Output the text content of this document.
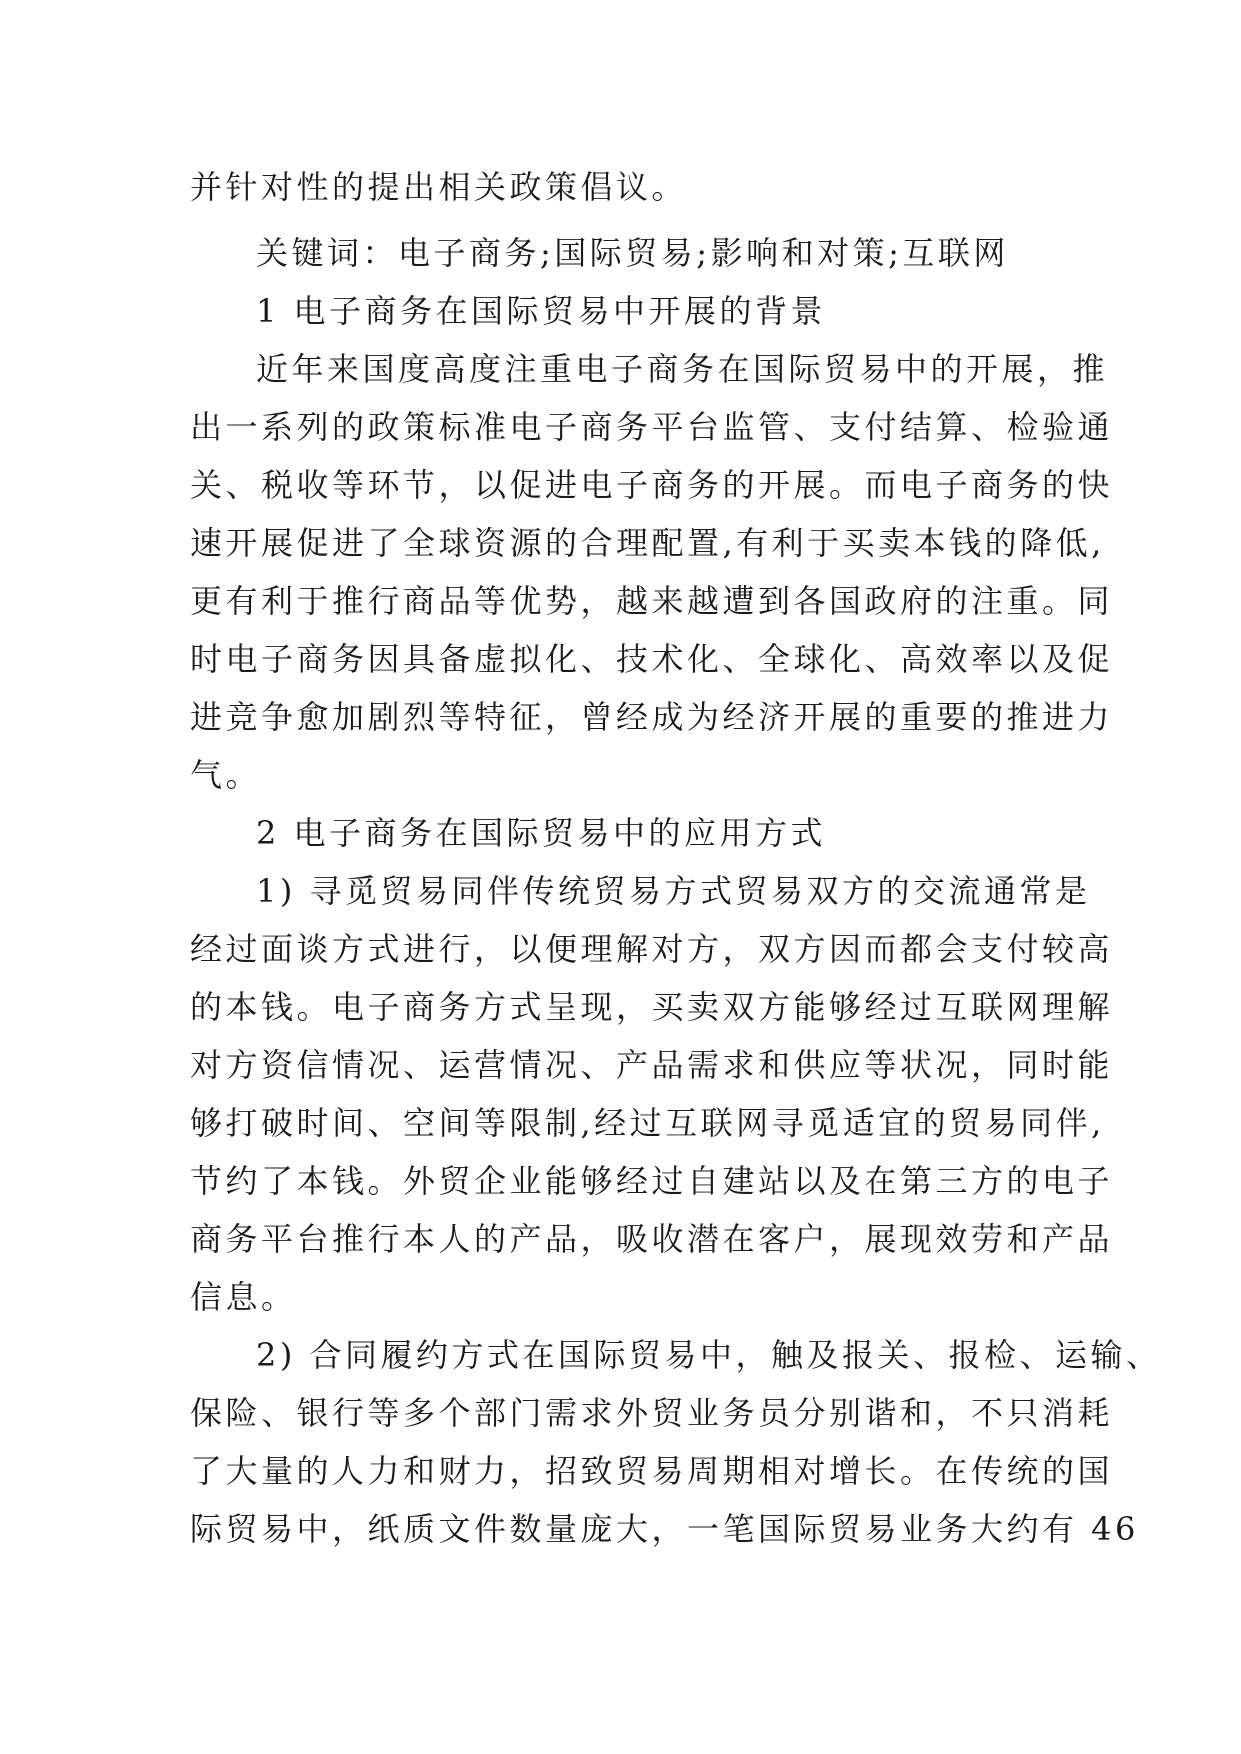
并针对性的提出相关政策倡议。

关键词：电子商务;国际贸易;影响和对策;互联网

1 电子商务在国际贸易中开展的背景

近年来国度高度注重电子商务在国际贸易中的开展，推
出一系列的政策标准电子商务平台监管、支付结算、检验通
关、税收等环节，以促进电子商务的开展。而电子商务的快
速开展促进了全球资源的合理配置,有利于买卖本钱的降低,
更有利于推行商品等优势，越来越遭到各国政府的注重。同
时电子商务因具备虚拟化、技术化、全球化、高效率以及促
进竞争愈加剧烈等特征，曾经成为经济开展的重要的推进力
气。

2 电子商务在国际贸易中的应用方式

1) 寻觅贸易同伴传统贸易方式贸易双方的交流通常是
经过面谈方式进行，以便理解对方，双方因而都会支付较高
的本钱。电子商务方式呈现，买卖双方能够经过互联网理解
对方资信情况、运营情况、产品需求和供应等状况，同时能
够打破时间、空间等限制,经过互联网寻觅适宜的贸易同伴,
节约了本钱。外贸企业能够经过自建站以及在第三方的电子
商务平台推行本人的产品，吸收潜在客户，展现效劳和产品
信息。
2) 合同履约方式在国际贸易中，触及报关、报检、运输、
保险、银行等多个部门需求外贸业务员分别谐和，不只消耗
了大量的人力和财力，招致贸易周期相对增长。在传统的国
际贸易中，纸质文件数量庞大，一笔国际贸易业务大约有 46
